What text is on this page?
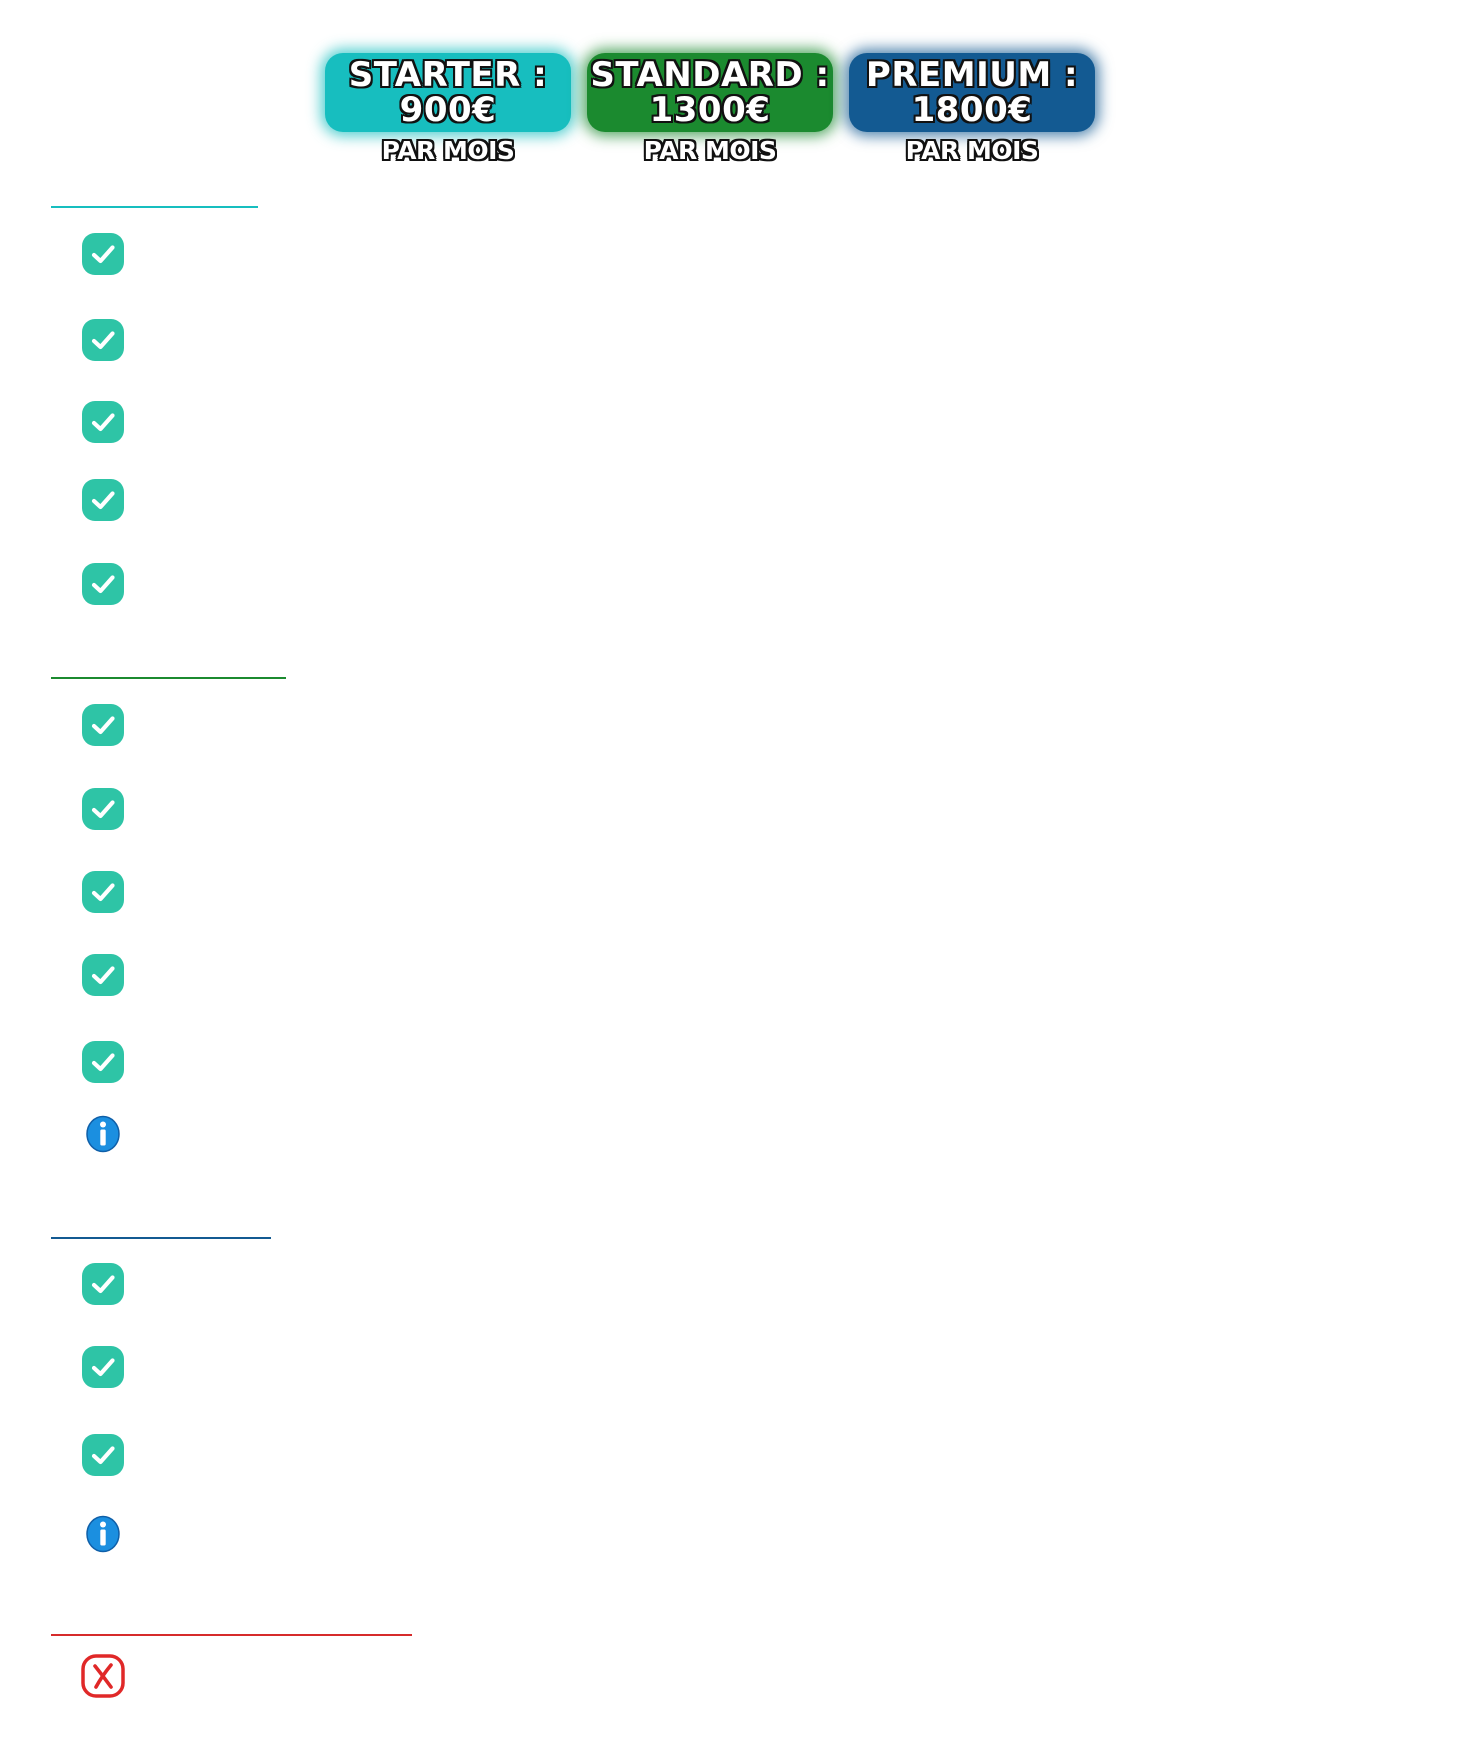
STARTER :
900€
PAR MOIS
STANDARD :
1300€
PAR MOIS
PREMIUM :
1800€
PAR MOIS
